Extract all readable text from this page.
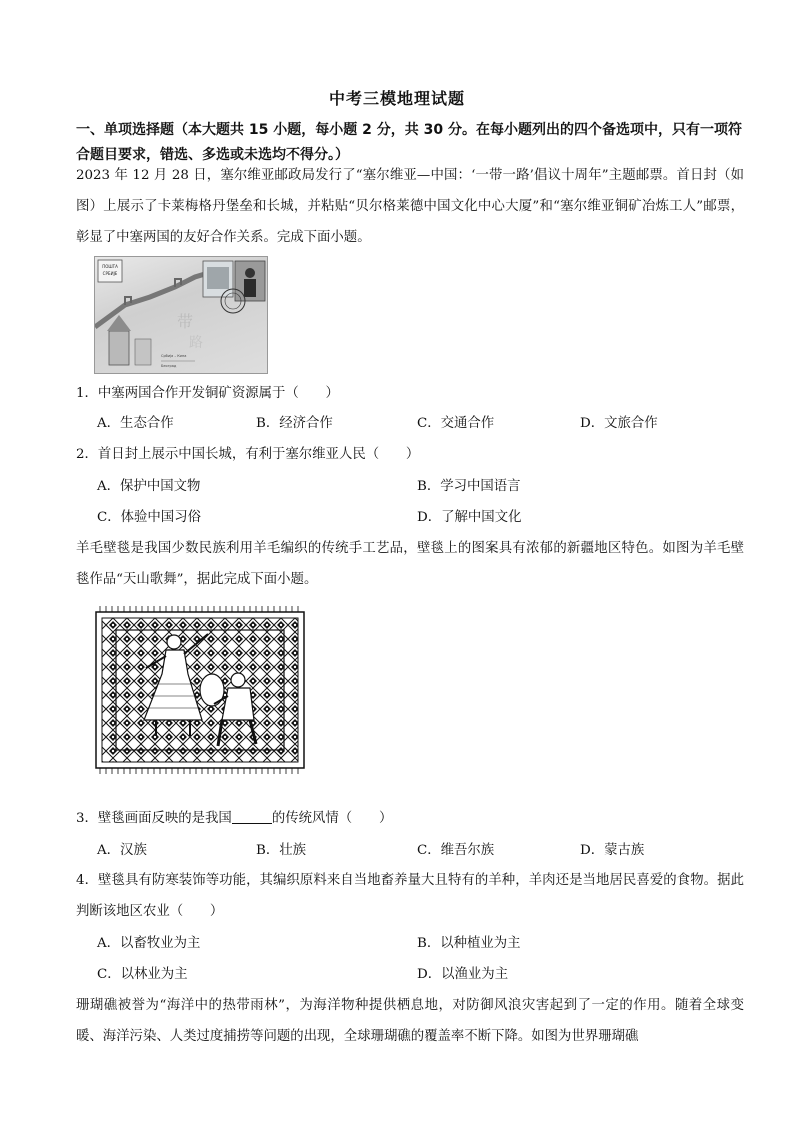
中考三模地理试题
一、单项选择题（本大题共 15 小题，每小题 2 分，共 30 分。在每小题列出的四个备选项中，只有一项符合题目要求，错选、多选或未选均不得分。）
2023 年 12 月 28 日，塞尔维亚邮政局发行了“塞尔维亚—中国：‘一带一路’倡议十周年”主题邮票。首日封（如图）上展示了卡莱梅格丹堡垒和长城，并粘贴“贝尔格莱德中国文化中心大厦”和“塞尔维亚铜矿冶炼工人”邮票，彰显了中塞两国的友好合作关系。完成下面小题。
ПОШТА
СРБИЈЕ
带
路
Србија – Кина
Београд
1．中塞两国合作开发铜矿资源属于（　　）
A．生态合作	B．经济合作	C．交通合作	D．文旅合作
2．首日封上展示中国长城，有利于塞尔维亚人民（　　）
A．保护中国文物	B．学习中国语言
C．体验中国习俗	D．了解中国文化
羊毛壁毯是我国少数民族利用羊毛编织的传统手工艺品，壁毯上的图案具有浓郁的新疆地区特色。如图为羊毛壁毯作品“天山歌舞”，据此完成下面小题。
3．壁毯画面反映的是我国	的传统风情（　　）
A．汉族	B．壮族	C．维吾尔族	D．蒙古族
4．壁毯具有防寒装饰等功能，其编织原料来自当地畜养量大且特有的羊种，羊肉还是当地居民喜爱的食物。据此判断该地区农业（　　）
A．以畜牧业为主	B．以种植业为主
C．以林业为主	D．以渔业为主
珊瑚礁被誉为“海洋中的热带雨林”，为海洋物种提供栖息地，对防御风浪灾害起到了一定的作用。随着全球变暖、海洋污染、人类过度捕捞等问题的出现，全球珊瑚礁的覆盖率不断下降。如图为世界珊瑚礁
